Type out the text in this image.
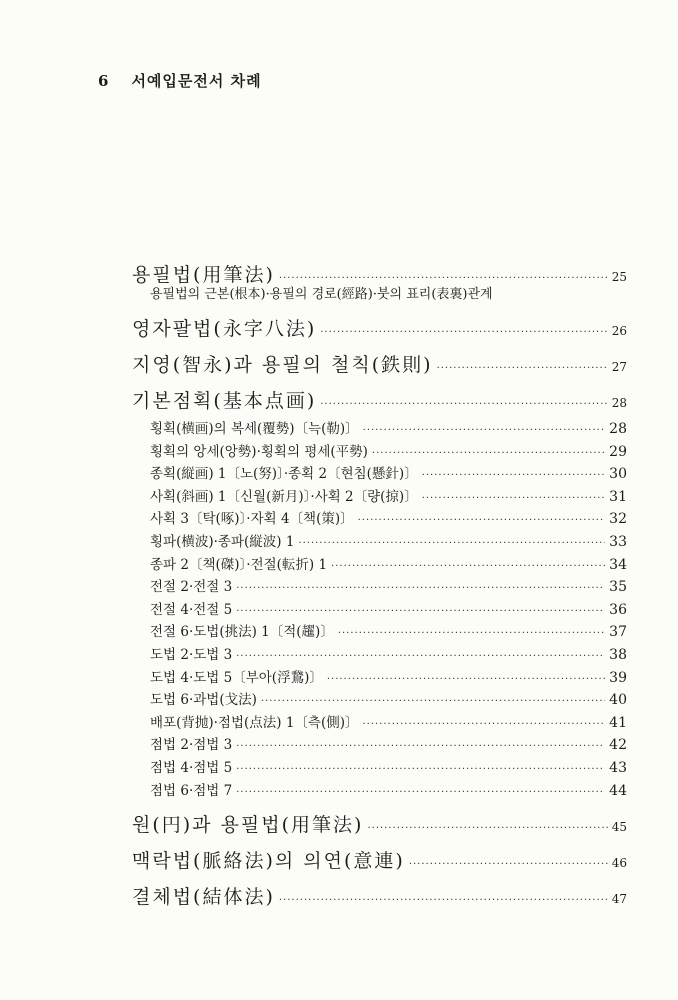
6 서예입문전서 차례
용필법(用筆法) ·····	25
용필법의 근본(根本)·용필의 경로(經路)·붓의 표리(表裏)관계
영자팔법(永字八法) ·····	26
지영(智永)과 용필의 철칙(鉄則) ·····	27
기본점획(基本点画) ·····	28
횡획(横画)의 복세(覆勢)〔늑(勒)〕 ·····	28
횡획의 앙세(앙勢)·횡획의 평세(平勢) ·····	29
종획(縦画) 1〔노(努)〕·종획 2〔현침(懸針)〕 ·····	30
사획(斜画) 1〔신월(新月)〕·사획 2〔량(掠)〕 ·····	31
사획 3〔탁(啄)〕·자획 4〔책(策)〕 ·····	32
횡파(横波)·종파(縦波) 1 ·····	33
종파 2〔책(磔)〕·전절(転折) 1 ·····	34
전절 2·전절 3 ·····	35
전절 4·전절 5 ·····	36
전절 6·도법(挑法) 1〔적(趯)〕 ·····	37
도법 2·도법 3 ·····	38
도법 4·도법 5〔부아(浮鵞)〕 ·····	39
도법 6·과법(戈法) ·····	40
배포(背抛)·점법(点法) 1〔측(側)〕 ·····	41
점법 2·점법 3 ·····	42
점법 4·점법 5 ·····	43
점법 6·점법 7 ·····	44
원(円)과 용필법(用筆法) ·····	45
맥락법(脈絡法)의 의연(意連) ·····	46
결체법(結体法) ·····	47
